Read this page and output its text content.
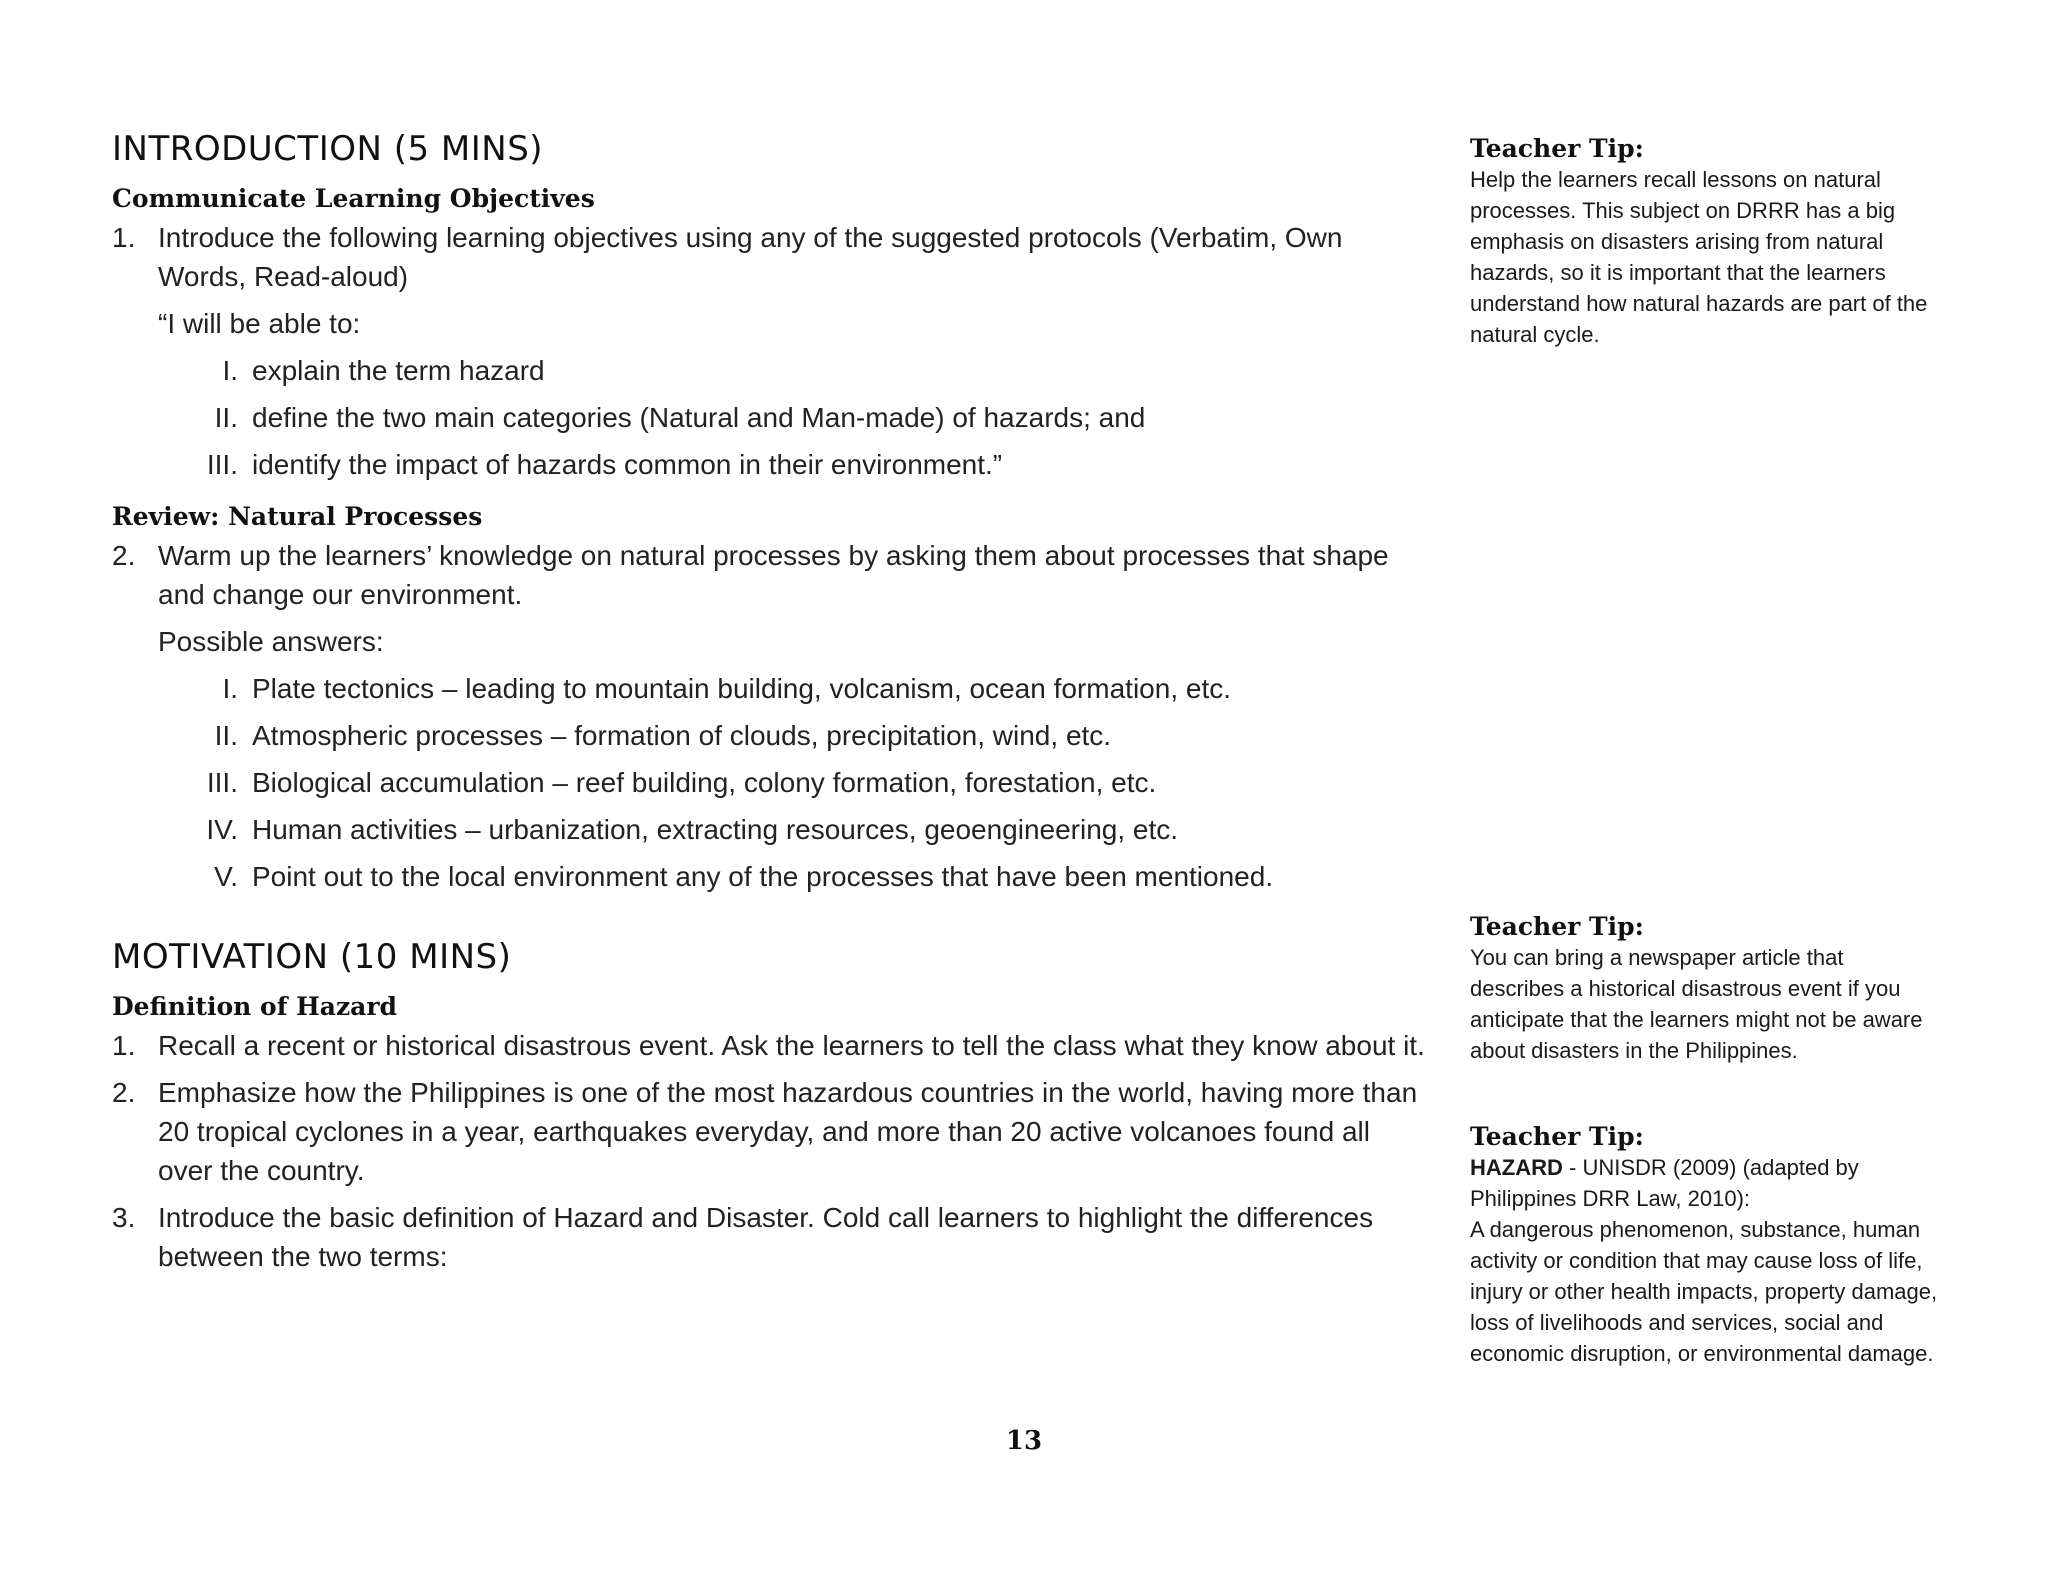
INTRODUCTION (5 MINS)
Communicate Learning Objectives
1. Introduce the following learning objectives using any of the suggested protocols (Verbatim, Own Words, Read-aloud)
“I will be able to:
I. explain the term hazard
II. define the two main categories (Natural and Man-made) of hazards; and
III. identify the impact of hazards common in their environment.”
Review: Natural Processes
2. Warm up the learners’ knowledge on natural processes by asking them about processes that shape and change our environment.
Possible answers:
I. Plate tectonics – leading to mountain building, volcanism, ocean formation, etc.
II. Atmospheric processes – formation of clouds, precipitation, wind, etc.
III. Biological accumulation – reef building, colony formation, forestation, etc.
IV. Human activities – urbanization, extracting resources, geoengineering, etc.
V. Point out to the local environment any of the processes that have been mentioned.
MOTIVATION (10 MINS)
Definition of Hazard
1. Recall a recent or historical disastrous event. Ask the learners to tell the class what they know about it.
2. Emphasize how the Philippines is one of the most hazardous countries in the world, having more than 20 tropical cyclones in a year, earthquakes everyday, and more than 20 active volcanoes found all over the country.
3. Introduce the basic definition of Hazard and Disaster. Cold call learners to highlight the differences between the two terms:
Teacher Tip:

Help the learners recall lessons on natural processes. This subject on DRRR has a big emphasis on disasters arising from natural hazards, so it is important that the learners understand how natural hazards are part of the natural cycle.

Teacher Tip:

You can bring a newspaper article that describes a historical disastrous event if you anticipate that the learners might not be aware about disasters in the Philippines.

Teacher Tip:

HAZARD - UNISDR (2009) (adapted by Philippines DRR Law, 2010):

A dangerous phenomenon, substance, human activity or condition that may cause loss of life, injury or other health impacts, property damage, loss of livelihoods and services, social and economic disruption, or environmental damage.

13
